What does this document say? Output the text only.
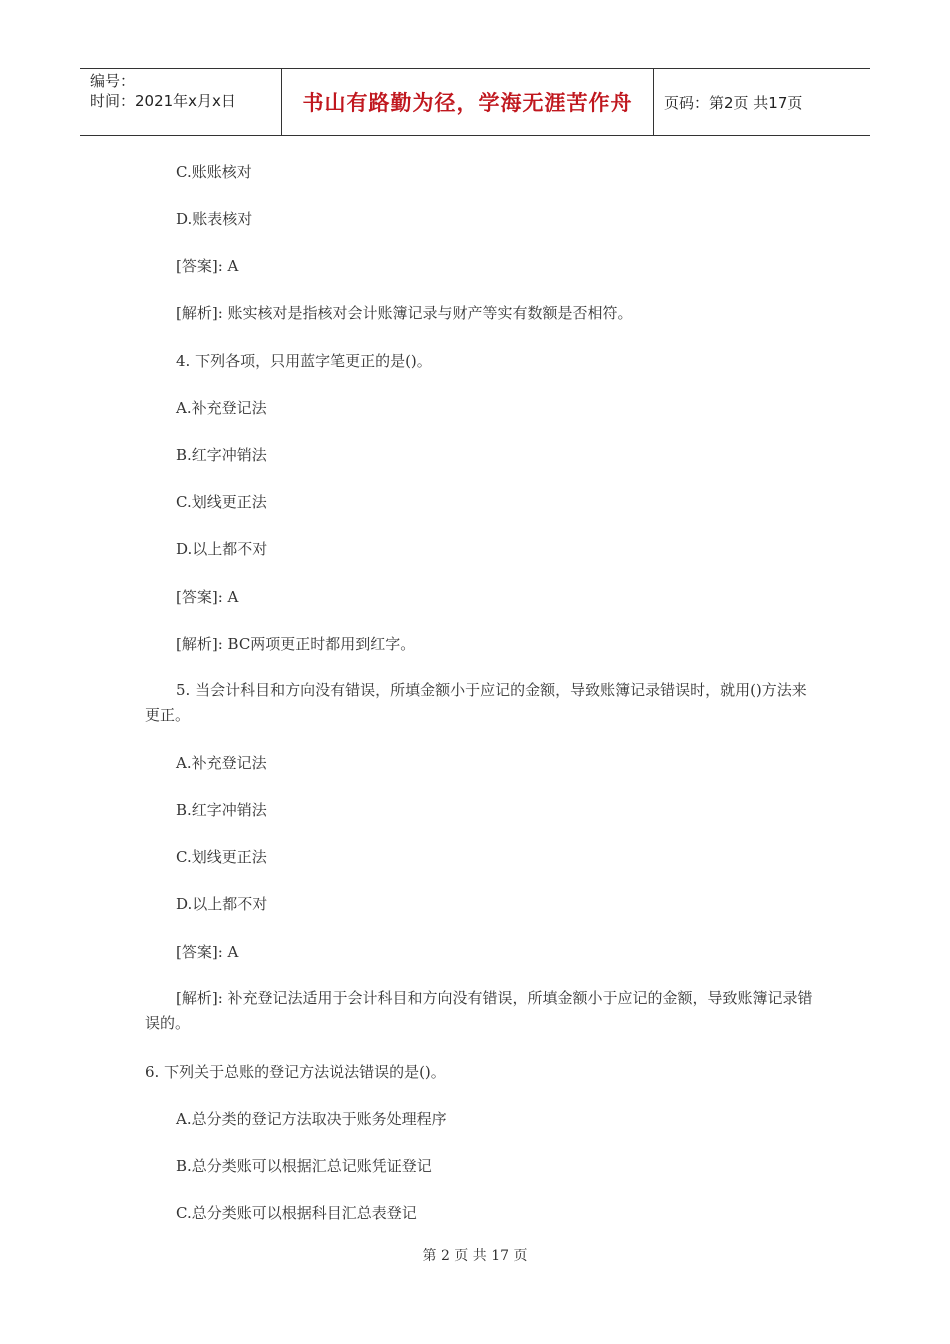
编号：
时间：2021年x月x日	书山有路勤为径，学海无涯苦作舟	页码：第2页 共17页
C.账账核对
D.账表核对
[答案]: A
[解析]: 账实核对是指核对会计账簿记录与财产等实有数额是否相符。
4. 下列各项，只用蓝字笔更正的是()。
A.补充登记法
B.红字冲销法
C.划线更正法
D.以上都不对
[答案]: A
[解析]: BC两项更正时都用到红字。
5. 当会计科目和方向没有错误，所填金额小于应记的金额，导致账簿记录错误时，就用()方法来更正。
A.补充登记法
B.红字冲销法
C.划线更正法
D.以上都不对
[答案]: A
[解析]: 补充登记法适用于会计科目和方向没有错误，所填金额小于应记的金额，导致账簿记录错误的。
6. 下列关于总账的登记方法说法错误的是()。
A.总分类的登记方法取决于账务处理程序
B.总分类账可以根据汇总记账凭证登记
C.总分类账可以根据科目汇总表登记
第 2 页 共 17 页
